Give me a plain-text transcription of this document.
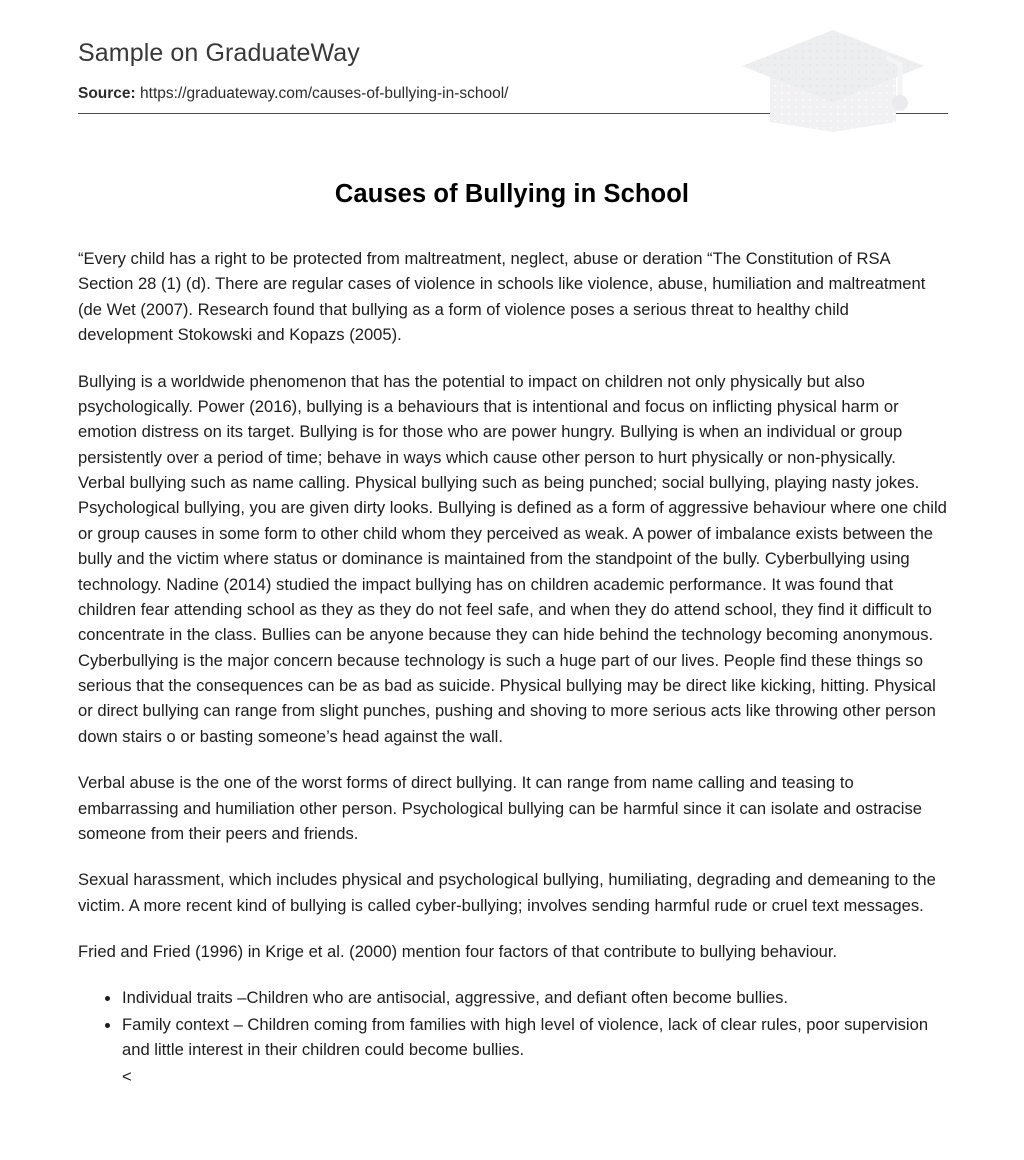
Sample on GraduateWay
Source: https://graduateway.com/causes-of-bullying-in-school/
Causes of Bullying in School

“Every child has a right to be protected from maltreatment, neglect, abuse or deration “The Constitution of RSA Section 28 (1) (d). There are regular cases of violence in schools like violence, abuse, humiliation and maltreatment (de Wet (2007). Research found that bullying as a form of violence poses a serious threat to healthy child development Stokowski and Kopazs (2005).

Bullying is a worldwide phenomenon that has the potential to impact on children not only physically but also psychologically. Power (2016), bullying is a behaviours that is intentional and focus on inflicting physical harm or emotion distress on its target. Bullying is for those who are power hungry. Bullying is when an individual or group persistently over a period of time; behave in ways which cause other person to hurt physically or non-physically. Verbal bullying such as name calling. Physical bullying such as being punched; social bullying, playing nasty jokes. Psychological bullying, you are given dirty looks. Bullying is defined as a form of aggressive behaviour where one child or group causes in some form to other child whom they perceived as weak. A power of imbalance exists between the bully and the victim where status or dominance is maintained from the standpoint of the bully. Cyberbullying using technology. Nadine (2014) studied the impact bullying has on children academic performance. It was found that children fear attending school as they as they do not feel safe, and when they do attend school, they find it difficult to concentrate in the class. Bullies can be anyone because they can hide behind the technology becoming anonymous. Cyberbullying is the major concern because technology is such a huge part of our lives. People find these things so serious that the consequences can be as bad as suicide. Physical bullying may be direct like kicking, hitting. Physical or direct bullying can range from slight punches, pushing and shoving to more serious acts like throwing other person down stairs o or basting someone’s head against the wall.

Verbal abuse is the one of the worst forms of direct bullying. It can range from name calling and teasing to embarrassing and humiliation other person. Psychological bullying can be harmful since it can isolate and ostracise someone from their peers and friends.

Sexual harassment, which includes physical and psychological bullying, humiliating, degrading and demeaning to the victim. A more recent kind of bullying is called cyber-bullying; involves sending harmful rude or cruel text messages.

Fried and Fried (1996) in Krige et al. (2000) mention four factors of that contribute to bullying behaviour.

Individual traits –Children who are antisocial, aggressive, and defiant often become bullies.
Family context – Children coming from families with high level of violence, lack of clear rules, poor supervision and little interest in their children could become bullies.
<
